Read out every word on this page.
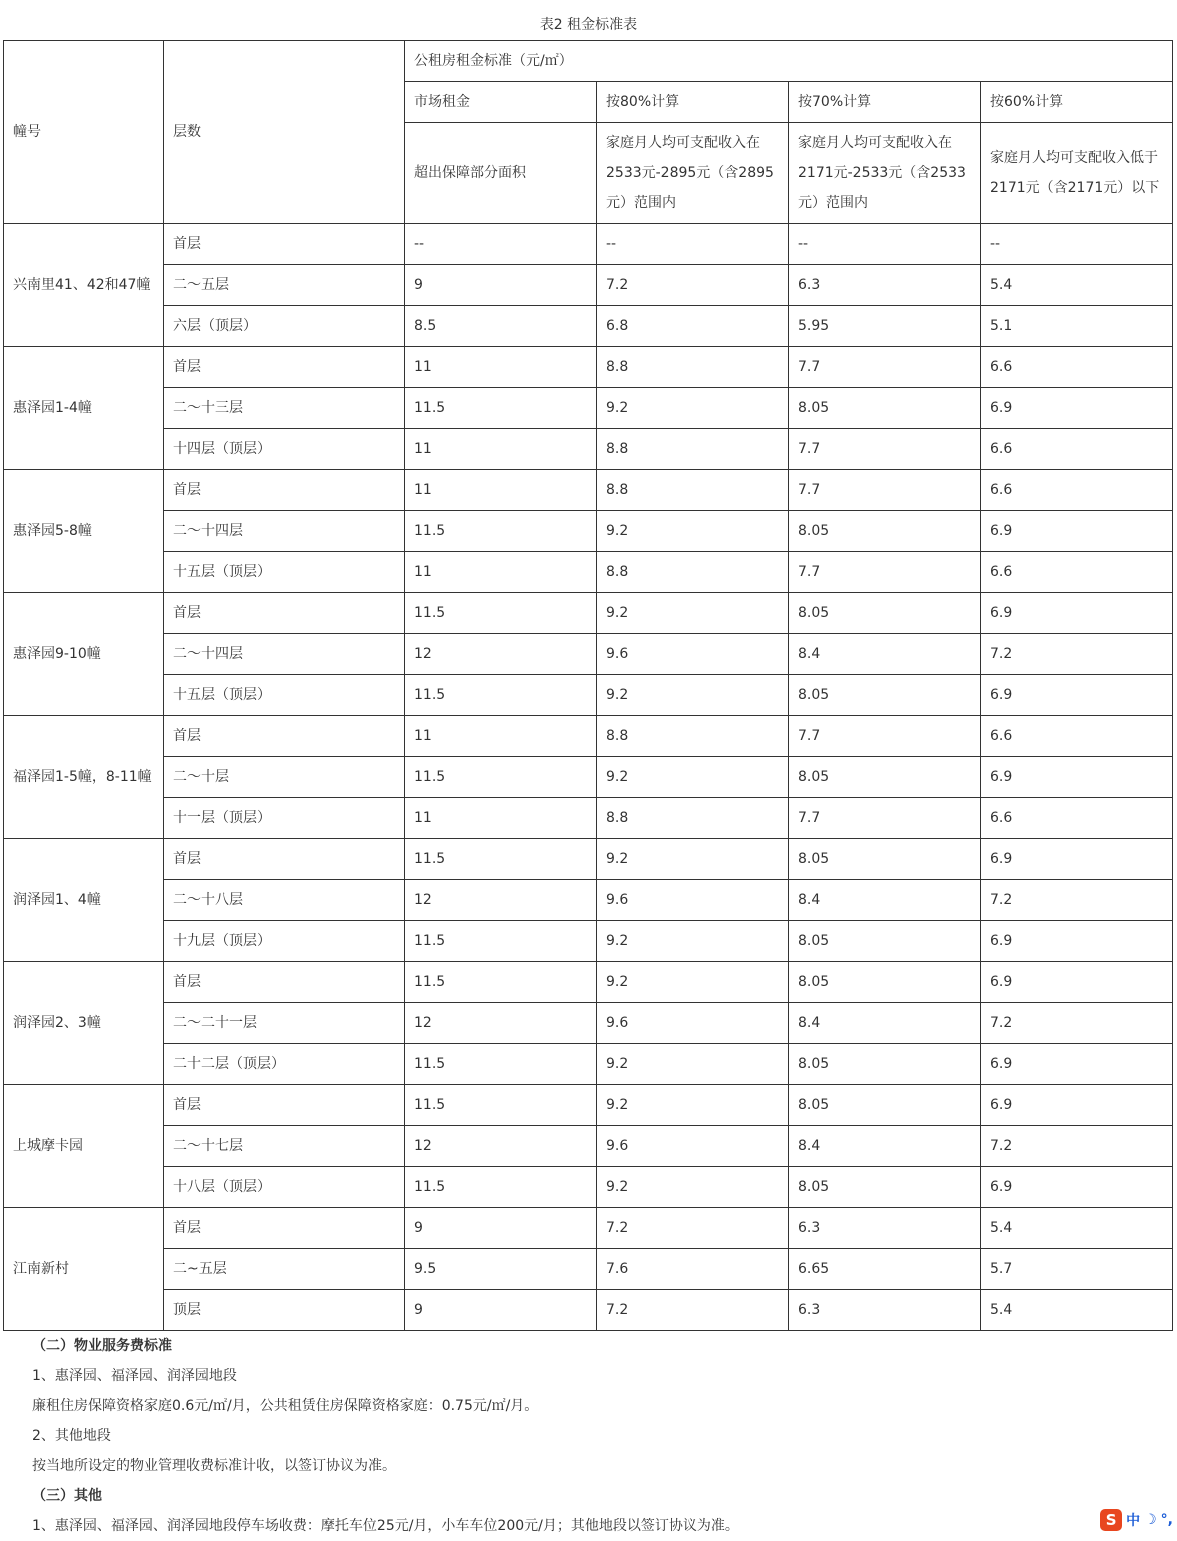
表2 租金标准表
幢号	层数	公租房租金标准（元/㎡）			
		市场租金	按80%计算	按70%计算	按60%计算
		超出保障部分面积	家庭月人均可支配收入在2533元-2895元（含2895元）范围内	家庭月人均可支配收入在2171元-2533元（含2533元）范围内	家庭月人均可支配收入低于2171元（含2171元）以下
兴南里41、42和47幢	首层	--	--	--	--
	二～五层	9	7.2	6.3	5.4
	六层（顶层）	8.5	6.8	5.95	5.1
惠泽园1-4幢	首层	11	8.8	7.7	6.6
	二～十三层	11.5	9.2	8.05	6.9
	十四层（顶层）	11	8.8	7.7	6.6
惠泽园5-8幢	首层	11	8.8	7.7	6.6
	二～十四层	11.5	9.2	8.05	6.9
	十五层（顶层）	11	8.8	7.7	6.6
惠泽园9-10幢	首层	11.5	9.2	8.05	6.9
	二～十四层	12	9.6	8.4	7.2
	十五层（顶层）	11.5	9.2	8.05	6.9
福泽园1-5幢，8-11幢	首层	11	8.8	7.7	6.6
	二～十层	11.5	9.2	8.05	6.9
	十一层（顶层）	11	8.8	7.7	6.6
润泽园1、4幢	首层	11.5	9.2	8.05	6.9
	二～十八层	12	9.6	8.4	7.2
	十九层（顶层）	11.5	9.2	8.05	6.9
润泽园2、3幢	首层	11.5	9.2	8.05	6.9
	二～二十一层	12	9.6	8.4	7.2
	二十二层（顶层）	11.5	9.2	8.05	6.9
上城摩卡园	首层	11.5	9.2	8.05	6.9
	二～十七层	12	9.6	8.4	7.2
	十八层（顶层）	11.5	9.2	8.05	6.9
江南新村	首层	9	7.2	6.3	5.4
	二~五层	9.5	7.6	6.65	5.7
	顶层	9	7.2	6.3	5.4

（二）物业服务费标准

1、惠泽园、福泽园、润泽园地段

廉租住房保障资格家庭0.6元/㎡/月，公共租赁住房保障资格家庭：0.75元/㎡/月。

2、其他地段

按当地所设定的物业管理收费标准计收，以签订协议为准。

（三）其他

1、惠泽园、福泽园、润泽园地段停车场收费：摩托车位25元/月，小车车位200元/月；其他地段以签订协议为准。	S 中 ☽ °,
